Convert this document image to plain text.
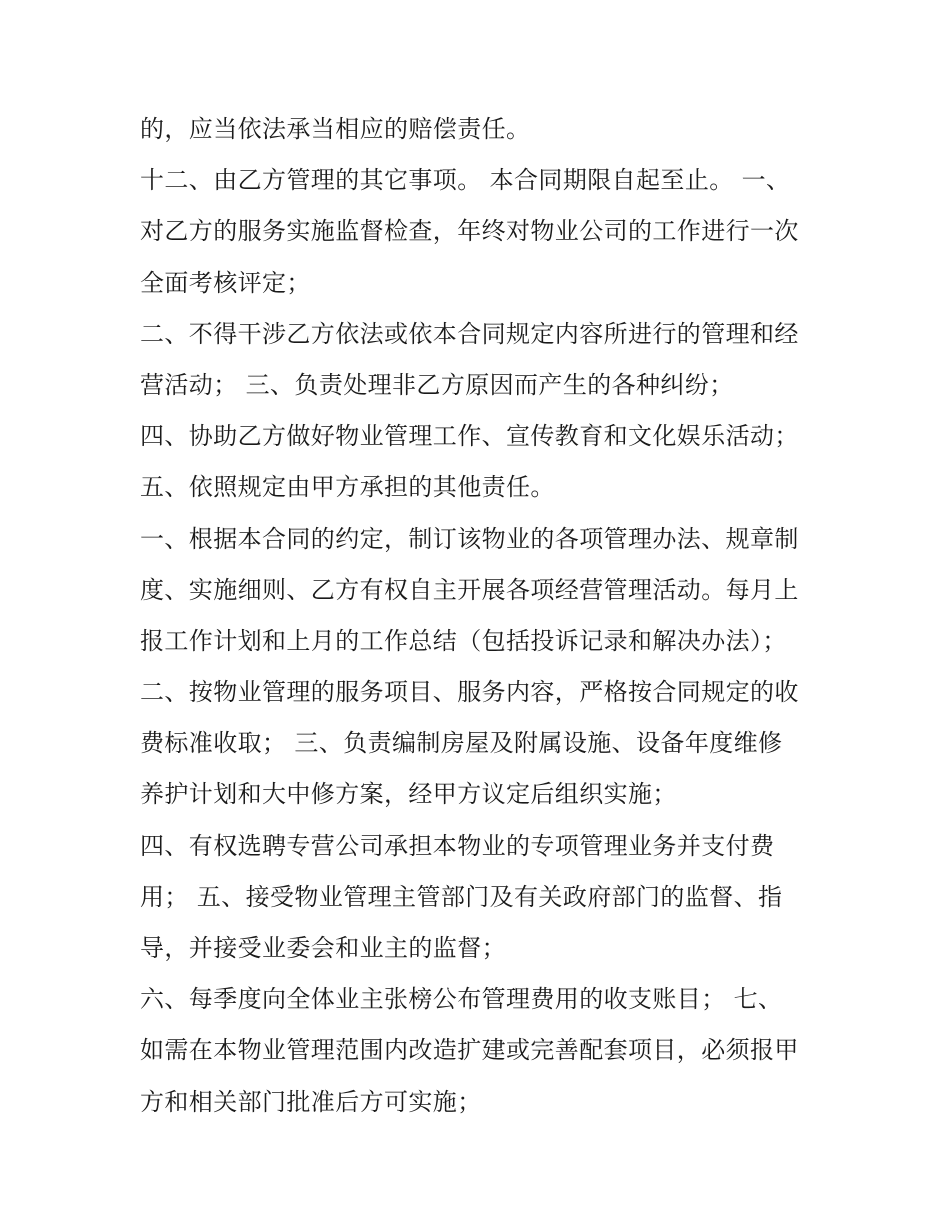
的，应当依法承当相应的赔偿责任。
十二、由乙方管理的其它事项。 本合同期限自起至止。 一、
对乙方的服务实施监督检查，年终对物业公司的工作进行一次
全面考核评定；
二、不得干涉乙方依法或依本合同规定内容所进行的管理和经
营活动； 三、负责处理非乙方原因而产生的各种纠纷；
四、协助乙方做好物业管理工作、宣传教育和文化娱乐活动；
五、依照规定由甲方承担的其他责任。
一、根据本合同的约定，制订该物业的各项管理办法、规章制
度、实施细则、乙方有权自主开展各项经营管理活动。每月上
报工作计划和上月的工作总结（包括投诉记录和解决办法）；
二、按物业管理的服务项目、服务内容，严格按合同规定的收
费标准收取； 三、负责编制房屋及附属设施、设备年度维修
养护计划和大中修方案，经甲方议定后组织实施；
四、有权选聘专营公司承担本物业的专项管理业务并支付费
用； 五、接受物业管理主管部门及有关政府部门的监督、指
导，并接受业委会和业主的监督；
六、每季度向全体业主张榜公布管理费用的收支账目； 七、
如需在本物业管理范围内改造扩建或完善配套项目，必须报甲
方和相关部门批准后方可实施；
